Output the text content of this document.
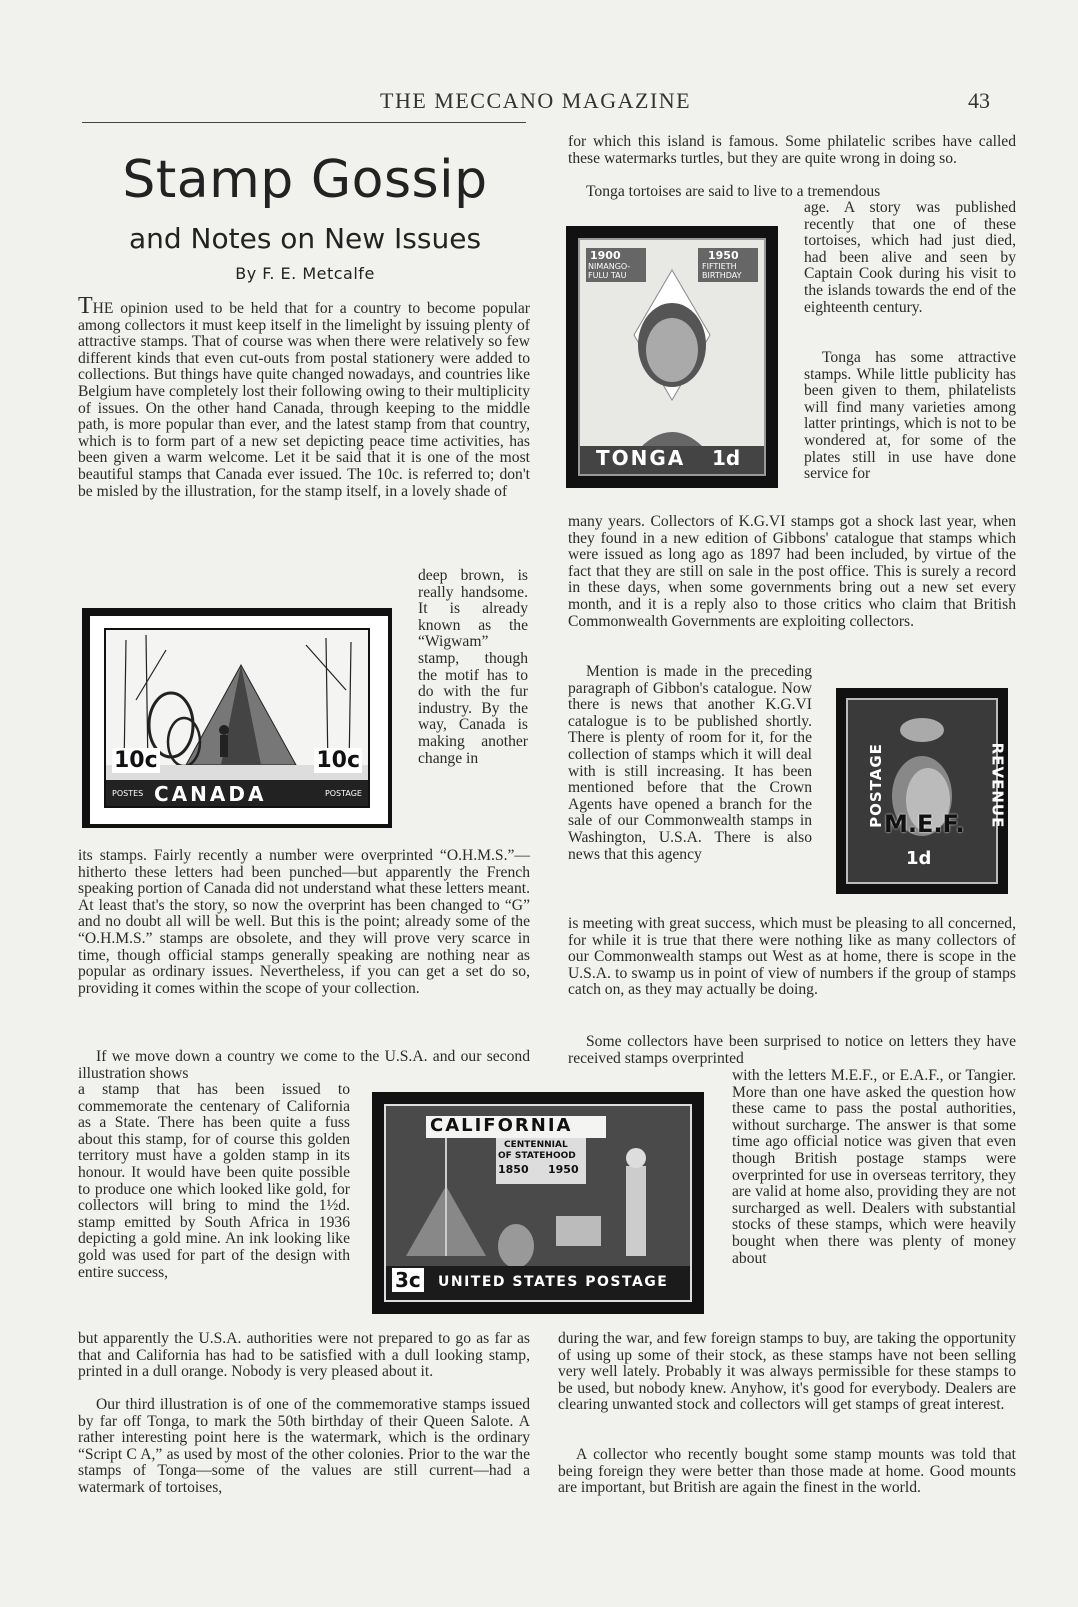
THE MECCANO MAGAZINE	43
Stamp Gossip
and Notes on New Issues
By F. E. Metcalfe

THE opinion used to be held that for a country to become popular among collectors it must keep itself in the limelight by issuing plenty of attractive stamps. That of course was when there were relatively so few different kinds that even cut-outs from postal stationery were added to collections. But things have quite changed nowadays, and countries like Belgium have completely lost their following owing to their multiplicity of issues. On the other hand Canada, through keeping to the middle path, is more popular than ever, and the latest stamp from that country, which is to form part of a new set depicting peace time activities, has been given a warm welcome. Let it be said that it is one of the most beautiful stamps that Canada ever issued. The 10c. is referred to; don't be misled by the illustration, for the stamp itself, in a lovely shade of

10c	10c
POSTES CANADA	POSTAGE
deep brown, is really handsome. It is already known as the “Wigwam” stamp, though the motif has to do with the fur industry. By the way, Canada is making another change in
its stamps. Fairly recently a number were overprinted “O.H.M.S.”—hitherto these letters had been punched—but apparently the French speaking portion of Canada did not understand what these letters meant. At least that's the story, so now the overprint has been changed to “G” and no doubt all will be well. But this is the point; already some of the “O.H.M.S.” stamps are obsolete, and they will prove very scarce in time, though official stamps generally speaking are nothing near as popular as ordinary issues. Nevertheless, if you can get a set do so, providing it comes within the scope of your collection.
If we move down a country we come to the U.S.A. and our second illustration shows
a stamp that has been issued to commemorate the centenary of California as a State. There has been quite a fuss about this stamp, for of course this golden territory must have a golden stamp in its honour. It would have been quite possible to produce one which looked like gold, for collectors will bring to mind the 1½d. stamp emitted by South Africa in 1936 depicting a gold mine. An ink looking like gold was used for part of the design with entire success,
CALIFORNIA
CENTENNIAL
OF STATEHOOD
1850 1950
3c UNITED STATES POSTAGE
but apparently the U.S.A. authorities were not prepared to go as far as that and California has had to be satisfied with a dull looking stamp, printed in a dull orange. Nobody is very pleased about it.
Our third illustration is of one of the commemorative stamps issued by far off Tonga, to mark the 50th birthday of their Queen Salote. A rather interesting point here is the watermark, which is the ordinary “Script C A,” as used by most of the other colonies. Prior to the war the stamps of Tonga—some of the values are still current—had a watermark of tortoises,
for which this island is famous. Some philatelic scribes have called these watermarks turtles, but they are quite wrong in doing so.
Tonga tortoises are said to live to a tremendous
1900
NIMANGO-FULU TAU
1950
FIFTIETH BIRTHDAY
TONGA 1d
age. A story was published recently that one of these tortoises, which had just died, had been alive and seen by Captain Cook during his visit to the islands towards the end of the eighteenth century.
Tonga has some attractive stamps. While little publicity has been given to them, philatelists will find many varieties among latter printings, which is not to be wondered at, for some of the plates still in use have done service for
many years. Collectors of K.G.VI stamps got a shock last year, when they found in a new edition of Gibbons' catalogue that stamps which were issued as long ago as 1897 had been included, by virtue of the fact that they are still on sale in the post office. This is surely a record in these days, when some governments bring out a new set every month, and it is a reply also to those critics who claim that British Commonwealth Governments are exploiting collectors.
Mention is made in the preceding paragraph of Gibbon's catalogue. Now there is news that another K.G.VI catalogue is to be published shortly. There is plenty of room for it, for the collection of stamps which it will deal with is still increasing. It has been mentioned before that the Crown Agents have opened a branch for the sale of our Commonwealth stamps in Washington, U.S.A. There is also news that this agency
POSTAGE	REVENUE
M.E.F.
1d
is meeting with great success, which must be pleasing to all concerned, for while it is true that there were nothing like as many collectors of our Commonwealth stamps out West as at home, there is scope in the U.S.A. to swamp us in point of view of numbers if the group of stamps catch on, as they may actually be doing.
Some collectors have been surprised to notice on letters they have received stamps overprinted
with the letters M.E.F., or E.A.F., or Tangier. More than one have asked the question how these came to pass the postal authorities, without surcharge. The answer is that some time ago official notice was given that even though British postage stamps were overprinted for use in overseas territory, they are valid at home also, providing they are not surcharged as well. Dealers with substantial stocks of these stamps, which were heavily bought when there was plenty of money about
during the war, and few foreign stamps to buy, are taking the opportunity of using up some of their stock, as these stamps have not been selling very well lately. Probably it was always permissible for these stamps to be used, but nobody knew. Anyhow, it's good for everybody. Dealers are clearing unwanted stock and collectors will get stamps of great interest.
A collector who recently bought some stamp mounts was told that being foreign they were better than those made at home. Good mounts are important, but British are again the finest in the world.
